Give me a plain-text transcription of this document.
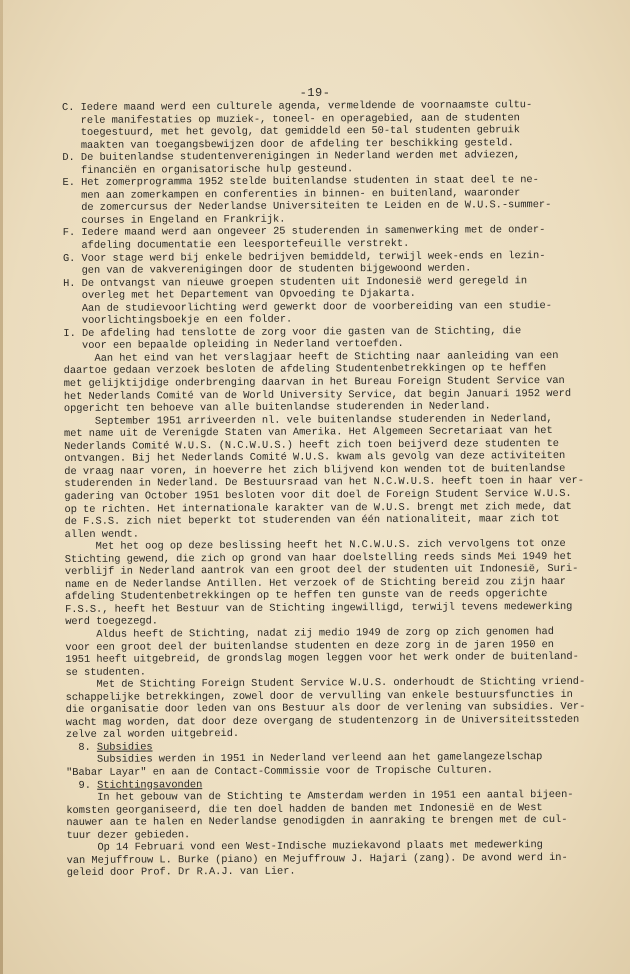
-19-
C. Iedere maand werd een culturele agenda, vermeldende de voornaamste cultu-
rele manifestaties op muziek-, toneel- en operagebied, aan de studenten
toegestuurd, met het gevolg, dat gemiddeld een 50-tal studenten gebruik
maakten van toegangsbewijzen door de afdeling ter beschikking gesteld.
D. De buitenlandse studentenverenigingen in Nederland werden met adviezen,
financiën en organisatorische hulp gesteund.
E. Het zomerprogramma 1952 stelde buitenlandse studenten in staat deel te ne-
men aan zomerkampen en conferenties in binnen- en buitenland, waaronder
de zomercursus der Nederlandse Universiteiten te Leiden en de W.U.S.-summer-
courses in Engeland en Frankrijk.
F. Iedere maand werd aan ongeveer 25 studerenden in samenwerking met de onder-
afdeling documentatie een leesportefeuille verstrekt.
G. Voor stage werd bij enkele bedrijven bemiddeld, terwijl week-ends en lezin-
gen van de vakverenigingen door de studenten bijgewoond werden.
H. De ontvangst van nieuwe groepen studenten uit Indonesië werd geregeld in
overleg met het Departement van Opvoeding te Djakarta.
Aan de studievoorlichting werd gewerkt door de voorbereiding van een studie-
voorlichtingsboekje en een folder.
I. De afdeling had tenslotte de zorg voor die gasten van de Stichting, die
voor een bepaalde opleiding in Nederland vertoefden.
Aan het eind van het verslagjaar heeft de Stichting naar aanleiding van een
daartoe gedaan verzoek besloten de afdeling Studentenbetrekkingen op te heffen
met gelijktijdige onderbrenging daarvan in het Bureau Foreign Student Service van
het Nederlands Comité van de World University Service, dat begin Januari 1952 werd
opgericht ten behoeve van alle buitenlandse studerenden in Nederland.
September 1951 arriveerden nl. vele buitenlandse studerenden in Nederland,
met name uit de Verenigde Staten van Amerika. Het Algemeen Secretariaat van het
Nederlands Comité W.U.S. (N.C.W.U.S.) heeft zich toen beijverd deze studenten te
ontvangen. Bij het Nederlands Comité W.U.S. kwam als gevolg van deze activiteiten
de vraag naar voren, in hoeverre het zich blijvend kon wenden tot de buitenlandse
studerenden in Nederland. De Bestuursraad van het N.C.W.U.S. heeft toen in haar ver-
gadering van October 1951 besloten voor dit doel de Foreign Student Service W.U.S.
op te richten. Het internationale karakter van de W.U.S. brengt met zich mede, dat
de F.S.S. zich niet beperkt tot studerenden van één nationaliteit, maar zich tot
allen wendt.
Met het oog op deze beslissing heeft het N.C.W.U.S. zich vervolgens tot onze
Stichting gewend, die zich op grond van haar doelstelling reeds sinds Mei 1949 het
verblijf in Nederland aantrok van een groot deel der studenten uit Indonesië, Suri-
name en de Nederlandse Antillen. Het verzoek of de Stichting bereid zou zijn haar
afdeling Studentenbetrekkingen op te heffen ten gunste van de reeds opgerichte
F.S.S., heeft het Bestuur van de Stichting ingewilligd, terwijl tevens medewerking
werd toegezegd.
Aldus heeft de Stichting, nadat zij medio 1949 de zorg op zich genomen had
voor een groot deel der buitenlandse studenten en deze zorg in de jaren 1950 en
1951 heeft uitgebreid, de grondslag mogen leggen voor het werk onder de buitenland-
se studenten.
Met de Stichting Foreign Student Service W.U.S. onderhoudt de Stichting vriend-
schappelijke betrekkingen, zowel door de vervulling van enkele bestuursfuncties in
die organisatie door leden van ons Bestuur als door de verlening van subsidies. Ver-
wacht mag worden, dat door deze overgang de studentenzorg in de Universiteitssteden
zelve zal worden uitgebreid.
8. Subsidies
Subsidies werden in 1951 in Nederland verleend aan het gamelangezelschap
"Babar Layar" en aan de Contact-Commissie voor de Tropische Culturen.
9. Stichtingsavonden
In het gebouw van de Stichting te Amsterdam werden in 1951 een aantal bijeen-
komsten georganiseerd, die ten doel hadden de banden met Indonesië en de West
nauwer aan te halen en Nederlandse genodigden in aanraking te brengen met de cul-
tuur dezer gebieden.
Op 14 Februari vond een West-Indische muziekavond plaats met medewerking
van Mejuffrouw L. Burke (piano) en Mejuffrouw J. Hajari (zang). De avond werd in-
geleid door Prof. Dr R.A.J. van Lier.
